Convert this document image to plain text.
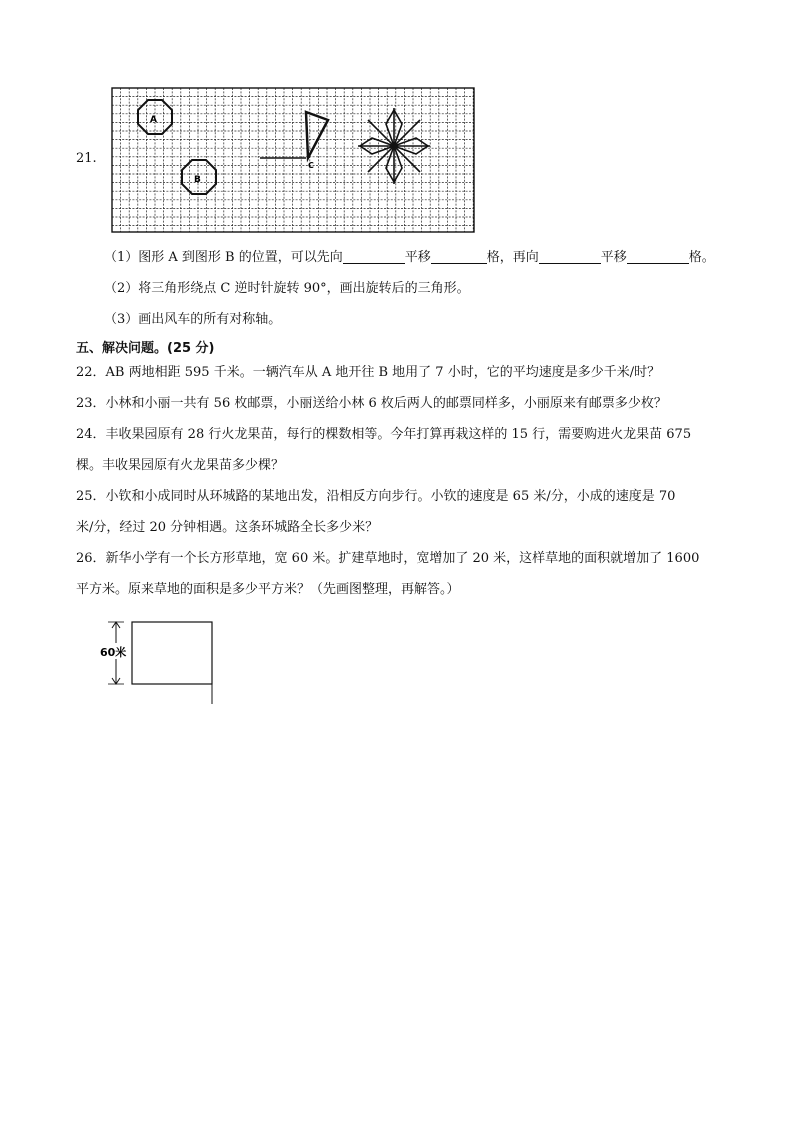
21.
A
B
C
（1）图形 A 到图形 B 的位置，可以先向	平移	格，再向	平移	格。
（2）将三角形绕点 C 逆时针旋转 90°，画出旋转后的三角形。
（3）画出风车的所有对称轴。
五、解决问题。(25 分)
22．AB 两地相距 595 千米。一辆汽车从 A 地开往 B 地用了 7 小时，它的平均速度是多少千米/时？
23．小林和小丽一共有 56 枚邮票，小丽送给小林 6 枚后两人的邮票同样多，小丽原来有邮票多少枚？
24．丰收果园原有 28 行火龙果苗，每行的棵数相等。今年打算再栽这样的 15 行，需要购进火龙果苗 675
棵。丰收果园原有火龙果苗多少棵？
25．小钦和小成同时从环城路的某地出发，沿相反方向步行。小钦的速度是 65 米/分，小成的速度是 70
米/分，经过 20 分钟相遇。这条环城路全长多少米？
26．新华小学有一个长方形草地，宽 60 米。扩建草地时，宽增加了 20 米，这样草地的面积就增加了 1600
平方米。原来草地的面积是多少平方米？（先画图整理，再解答。）
60米
